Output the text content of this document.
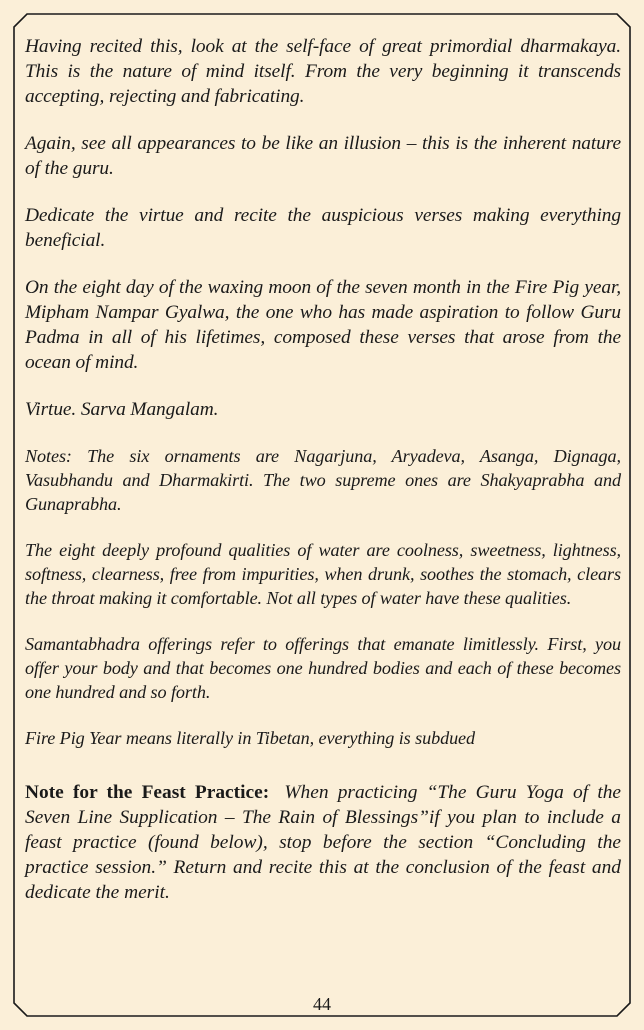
Having recited this, look at the self-face of great primordial dharmakaya. This is the nature of mind itself. From the very beginning it transcends accepting, rejecting and fabricating.

Again, see all appearances to be like an illusion – this is the inherent nature of the guru.

Dedicate the virtue and recite the auspicious verses making everything beneficial.

On the eight day of the waxing moon of the seven month in the Fire Pig year, Mipham Nampar Gyalwa, the one who has made aspiration to follow Guru Padma in all of his lifetimes, composed these verses that arose from the ocean of mind.

Virtue. Sarva Mangalam.

Notes: The six ornaments are Nagarjuna, Aryadeva, Asanga, Dignaga, Vasubhandu and Dharmakirti. The two supreme ones are Shakyaprabha and Gunaprabha.

The eight deeply profound qualities of water are coolness, sweetness, lightness, softness, clearness, free from impurities, when drunk, soothes the stomach, clears the throat making it comfortable. Not all types of water have these qualities.

Samantabhadra offerings refer to offerings that emanate limitlessly. First, you offer your body and that becomes one hundred bodies and each of these becomes one hundred and so forth.

Fire Pig Year means literally in Tibetan, everything is subdued

Note for the Feast Practice: When practicing “The Guru Yoga of the Seven Line Supplication – The Rain of Blessings”if you plan to include a feast practice (found below), stop before the section “Concluding the practice session.” Return and recite this at the conclusion of the feast and dedicate the merit.

44
